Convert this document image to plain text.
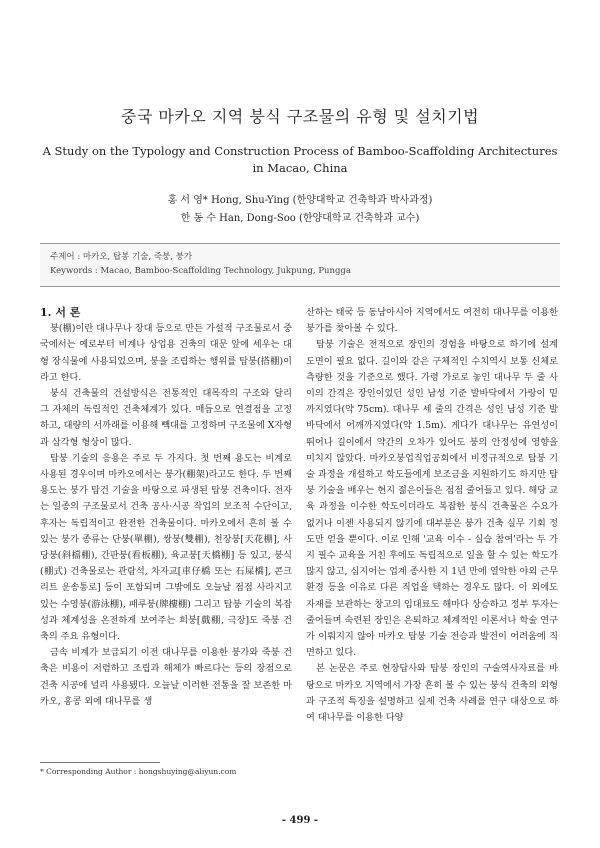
중국 마카오 지역 붕식 구조물의 유형 및 설치기법
A Study on the Typology and Construction Process of Bamboo-Scaffolding Architectures in Macao, China
홍 서 영* Hong, Shu-Ying (한양대학교 건축학과 박사과정)
한 동 수 Han, Dong-Soo (한양대학교 건축학과 교수)
주제어 : 마카오, 탑봉 기술, 죽붕, 붕가
Keywords : Macao, Bamboo-Scaffolding Technology, Jukpung, Pungga

1. 서 론

붕(棚)이란 대나무나 장대 등으로 만든 가설적 구조물로서 중국에서는 예로부터 비계나 상업용 건축의 대문 앞에 세우는 대형 장식물에 사용되었으며, 붕을 조립하는 행위를 탑붕(搭棚)이라고 한다.

붕식 건축물의 건설방식은 전통적인 대목작의 구조와 달리 그 자체의 독립적인 건축체계가 있다. 매듭으로 연결점을 고정하고, 대량의 서까래를 이용해 빽대를 고정하며 구조물에 X자형과 삼각형 형상이 많다.

탑붕 기술의 응용은 주로 두 가지다. 첫 번째 용도는 비계로 사용된 경우이며 마카오에서는 붕가(棚架)라고도 한다. 두 번째 용도는 붕가 탑건 기술을 바탕으로 파생된 탑붕 건축이다. 전자는 일종의 구조물로서 건축 공사·시공 작업의 보조적 수단이고, 후자는 독립적이고 완전한 건축물이다. 마카오에서 흔히 볼 수 있는 붕가 종류는 단붕(單棚), 쌍붕(雙棚), 천장붕[天花棚], 사당붕(斜檔棚), 간판붕(看板棚), 육교붕[天橋棚] 등 있고, 붕식(棚式) 건축물로는 관람석, 차자교[車仔橋 또는 石屎橋], 콘크리트 운송통로] 등이 포함되며 그밖에도 오늘날 점점 사라지고 있는 수영붕(游泳棚), 패루붕(牌樓棚) 그리고 탑붕 기술의 복잡성과 체계성을 온전하게 보여주는 희붕[戲棚, 극장]도 죽붕 건축의 주요 유형이다.

금속 비계가 보급되기 이전 대나무를 이용한 붕가와 죽붕 건축은 비용이 저렴하고 조립과 해체가 빠르다는 등의 장점으로 건축 시공에 널리 사용됐다. 오늘날 이러한 전통을 잘 보존한 마카오, 홍콩 외에 대나무를 생

산하는 태국 등 동남아시아 지역에서도 여전히 대나무를 이용한 붕가를 찾아볼 수 있다.

탑붕 기술은 전적으로 장인의 경험을 바탕으로 하기에 설계 도면이 필요 없다. 길이와 같은 구체적인 수치역시 보통 신체로 측량한 것을 기준으로 했다. 가령 가로로 놓인 대나무 두 줄 사이의 간격은 장인이었던 성인 남성 기준 발바닥에서 가랑이 밑까지였다(약 75cm). 대나무 세 줄의 간격은 성인 남성 기준 발바닥에서 어깨까지였다(약 1.5m). 게다가 대나무는 유연성이 뛰어나 길이에서 약간의 오차가 있어도 붕의 안정성에 영향을 미치지 않았다. 마카오붕업직업공회에서 비정규적으로 탑붕 기술 과정을 개설하고 학도들에게 보조금을 지원하기도 하지만 탑붕 기술을 배우는 현지 젊은이들은 점점 줄어들고 있다. 해당 교육 과정을 이수한 학도이더라도 복잡한 붕식 건축물은 수요가 없거나 이젠 사용되지 않기에 대부분은 붕가 건축 실무 기회 정도만 얻을 뿐이다. 이로 인해 '교육 이수 - 실습 참여'라는 두 가지 필수 교육을 거친 후에도 독립적으로 일을 할 수 있는 학도가 많지 않고, 심지어는 업계 종사한 지 1년 만에 열악한 야외 근무 환경 등을 이유로 다른 직업을 택하는 경우도 많다. 이 외에도 자재를 보관하는 창고의 임대료도 해마다 상승하고 정부 투자는 줄어들며 숙련된 장인은 은퇴하고 체계적인 이론서나 학술 연구가 이뤄지지 않아 마카오 탑붕 기술 전승과 발전이 어려움에 직면하고 있다.

본 논문은 주로 현장답사와 탑붕 장인의 구술역사자료를 바탕으로 마카오 지역에서 가장 흔히 볼 수 있는 붕식 건축의 외형과 구조적 특징을 설명하고 실제 건축 사례를 연구 대상으로 하여 대나무를 이용한 다양

* Corresponding Author : hongshuying@aliyun.com
- 499 -
